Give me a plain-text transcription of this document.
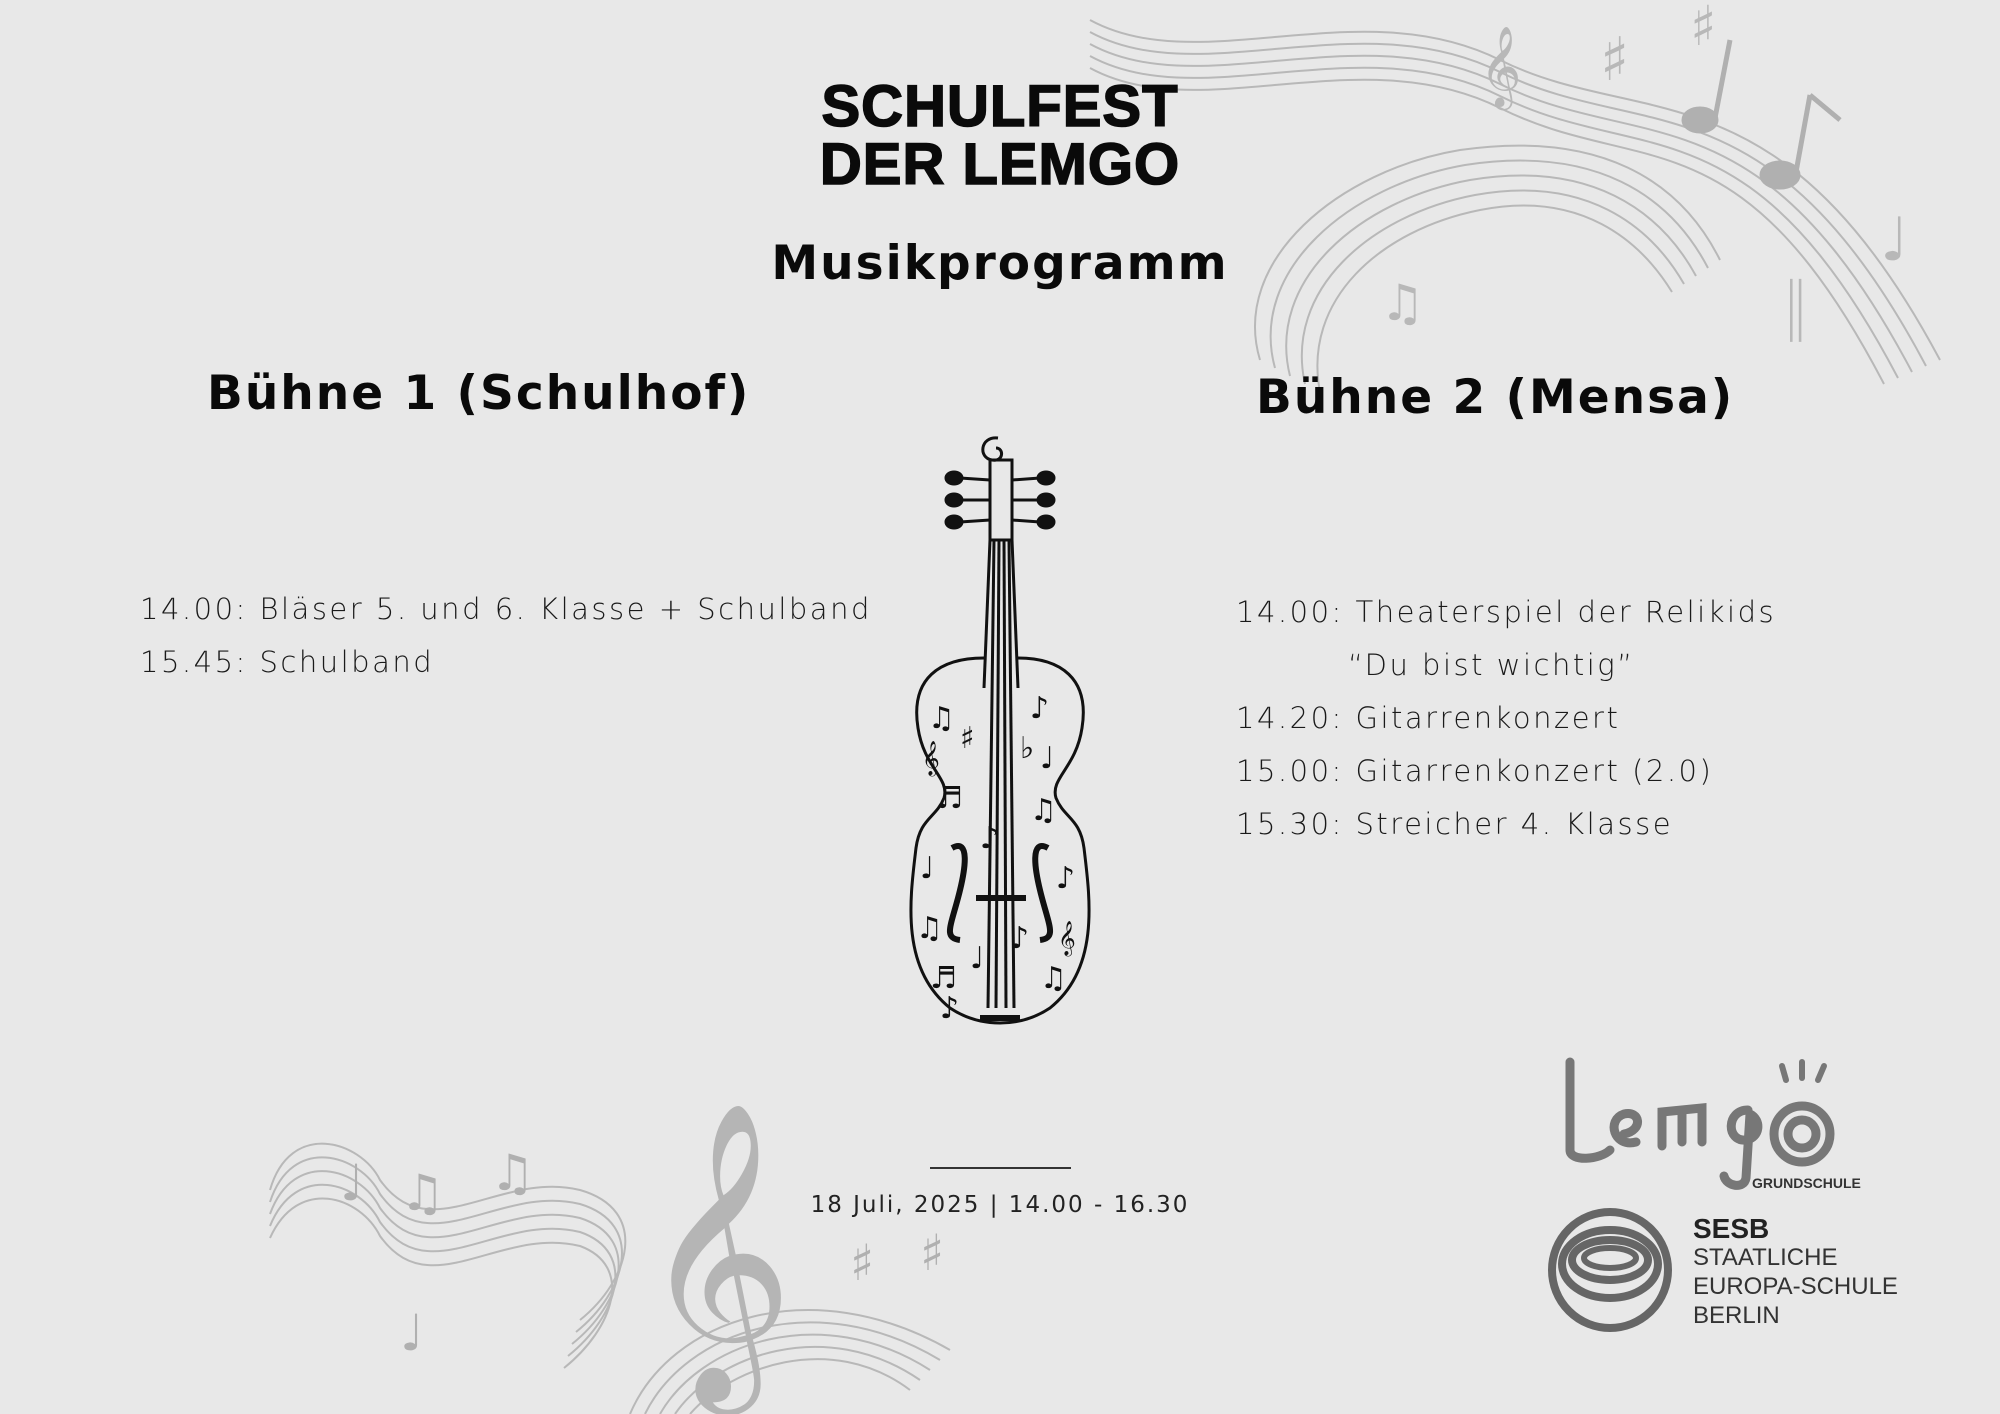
𝄞 ♯ ♯
♫
♩
𝄁
𝄞
♩ ♫ ♫
♯ ♯
♩
SCHULFEST
DER LEMGO
Musikprogramm
Bühne 1 (Schulhof)	Bühne 2 (Mensa)
14.00: Bläser 5. und 6. Klasse + Schulband
15.45: Schulband
14.00: Theaterspiel der Relikids
“Du bist wichtig”
14.20: Gitarrenkonzert
15.00: Gitarrenkonzert (2.0)
15.30: Streicher 4. Klasse
♫	♪
𝄞	♩
♬ ♫
♩	♪
♫	𝄞
♬	♫
♩
♪
♯ ♭
♪
♪
18 Juli, 2025 | 14.00 - 16.30
GRUNDSCHULE
SESB
STAATLICHE
EUROPA-SCHULE
BERLIN
